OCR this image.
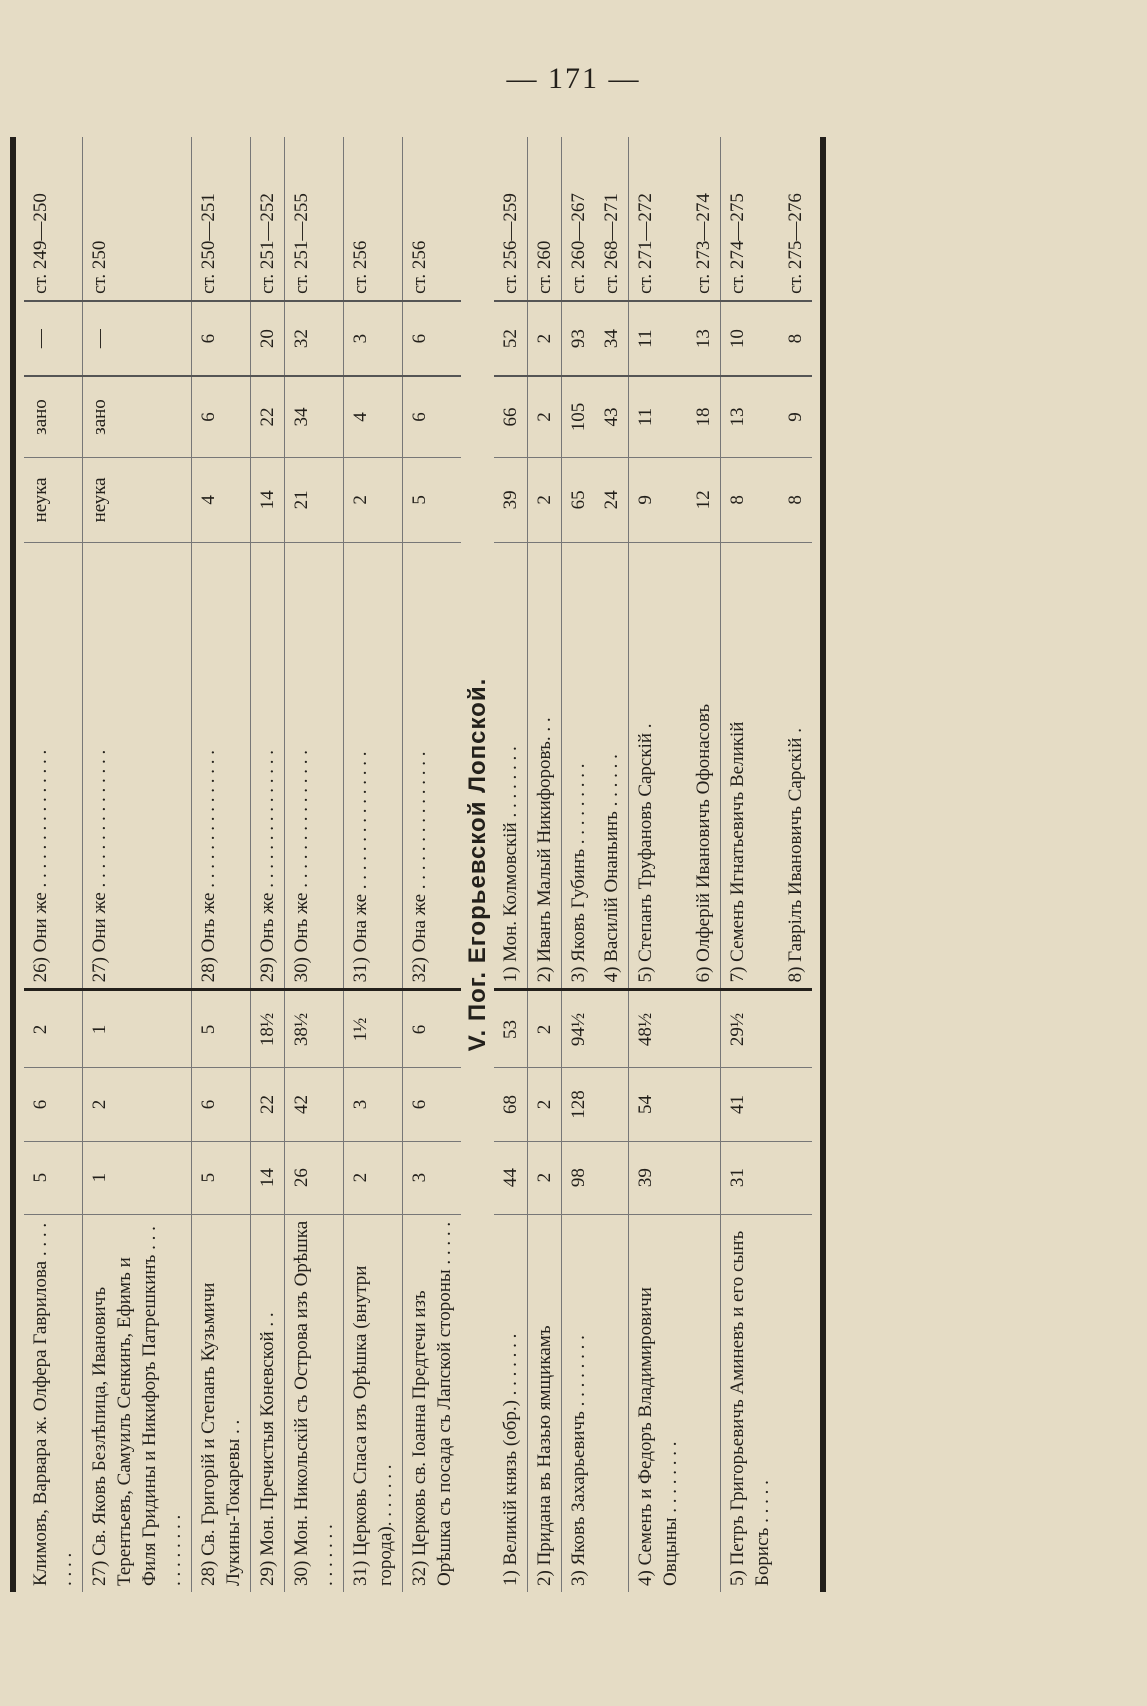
— 171 —

Климовъ, Варвара ж. Олфера Гаврилова . . . . . . . .	5	6	2	26) Они же . . . . . . . . . . . . . . .	неука	зано	—	ст. 249—250
27) Св. Яковъ Безлѣпица, Ивановичъ Терентьевъ, Самуилъ Сенкинъ, Ефимъ и Филя Гридины и Никифоръ Патрешкинъ . . . . . . . . . . .	1	2	1	27) Они же . . . . . . . . . . . . . . .	неука	зано	—	ст. 250
28) Св. Григорій и Степанъ Кузьмичи Лукины-Токаревы . .	5	6	5	28) Онъ же . . . . . . . . . . . . . . .	4	6	6	ст. 250—251
29) Мон. Пречистыя Коневской . .	14	22	18½	29) Онъ же . . . . . . . . . . . . . . .	14	22	20	ст. 251—252
30) Мон. Никольскій съ Острова изъ Орѣшка . . . . . . .	26	42	38½	30) Онъ же . . . . . . . . . . . . . . .	21	34	32	ст. 251—255
31) Церковь Спаса изъ Орѣшка (внутри города). . . . . . .	2	3	1½	31) Она же . . . . . . . . . . . . . . .	2	4	3	ст. 256
32) Церковь св. Іоанна Предтечи изъ Орѣшка съ посада съ Лапской стороны . . . . .	3	6	6	32) Она же . . . . . . . . . . . . . . .	5	6	6	ст. 256
V. Пог. Егорьевской Лопской.								
1) Великій князь (обр.) . . . . . . .	44	68	53	1) Мон. Колмовскій . . . . . . . .	39	66	52	ст. 256—259
2) Придана въ Назью ямщикамъ	2	2	2	2) Иванъ Малый Никифоровъ. . .	2	2	2	ст. 260
3) Яковъ Захарьевичъ . . . . . . . .	98	128	94½	3) Яковъ Губинъ . . . . . . . . .	65	105	93	ст. 260—267
				4) Василій Онаньинъ . . . . . .	24	43	34	ст. 268—271
4) Семенъ и Федоръ Владимировичи Овцыны . . . . . . . .	39	54	48½	5) Степанъ Труфановъ Сарскій .	9	11	11	ст. 271—272
				6) Олферій Ивановичъ Офонасовъ	12	18	13	ст. 273—274
5) Петръ Григорьевичъ Аминевъ и его сынъ Борисъ . . . . .	31	41	29½	7) Семенъ Игнатьевичъ Великій	8	13	10	ст. 274—275
				8) Гаврілъ Ивановичъ Сарскій .	8	9	8	ст. 275—276
